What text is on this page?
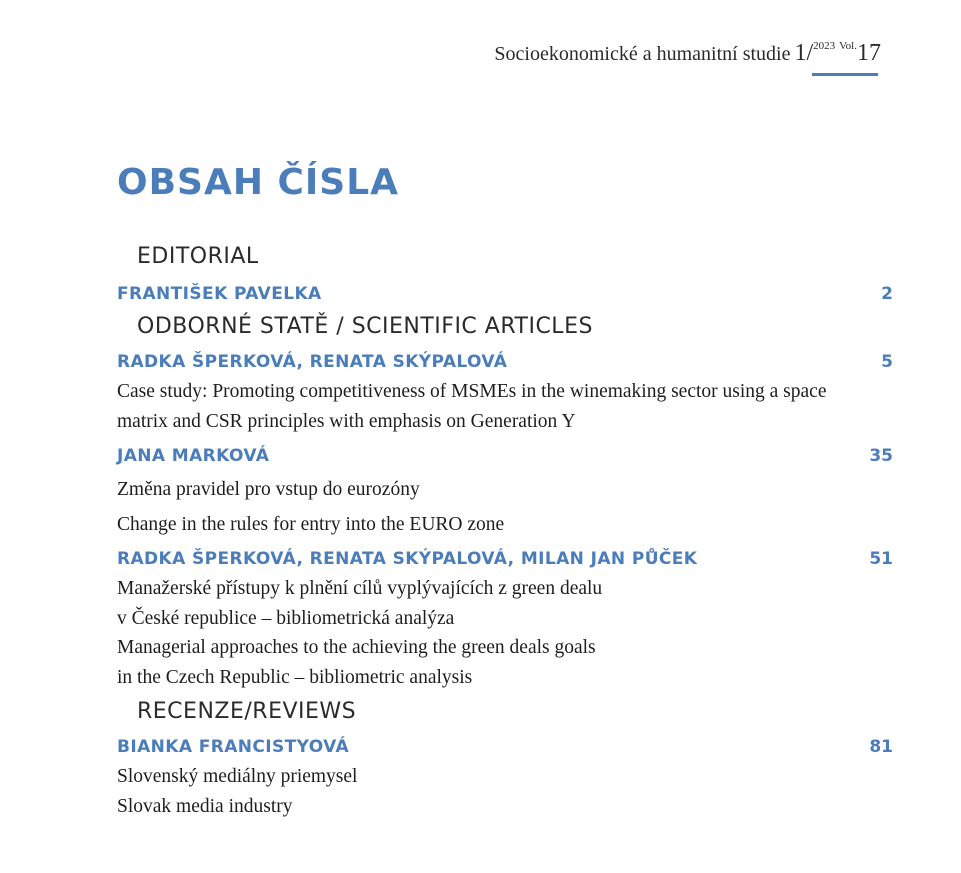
Socioekonomické a humanitní studie 1/$^{2023}$ $^{Vol.}$17
OBSAH ČÍSLA
EDITORIAL
FRANTIŠEK PAVELKA	2
ODBORNÉ STATĚ / SCIENTIFIC ARTICLES
RADKA ŠPERKOVÁ, RENATA SKÝPALOVÁ	5
Case study: Promoting competitiveness of MSMEs in the winemaking sector using a space
matrix and CSR principles with emphasis on Generation Y
JANA MARKOVÁ	35
Změna pravidel pro vstup do eurozóny
Change in the rules for entry into the EURO zone
RADKA ŠPERKOVÁ, RENATA SKÝPALOVÁ, MILAN JAN PŮČEK	51
Manažerské přístupy k plnění cílů vyplývajících z green dealu
v České republice – bibliometrická analýza
Managerial approaches to the achieving the green deals goals
in the Czech Republic – bibliometric analysis
RECENZE/REVIEWS
BIANKA FRANCISTYOVÁ	81
Slovenský mediálny priemysel
Slovak media industry
